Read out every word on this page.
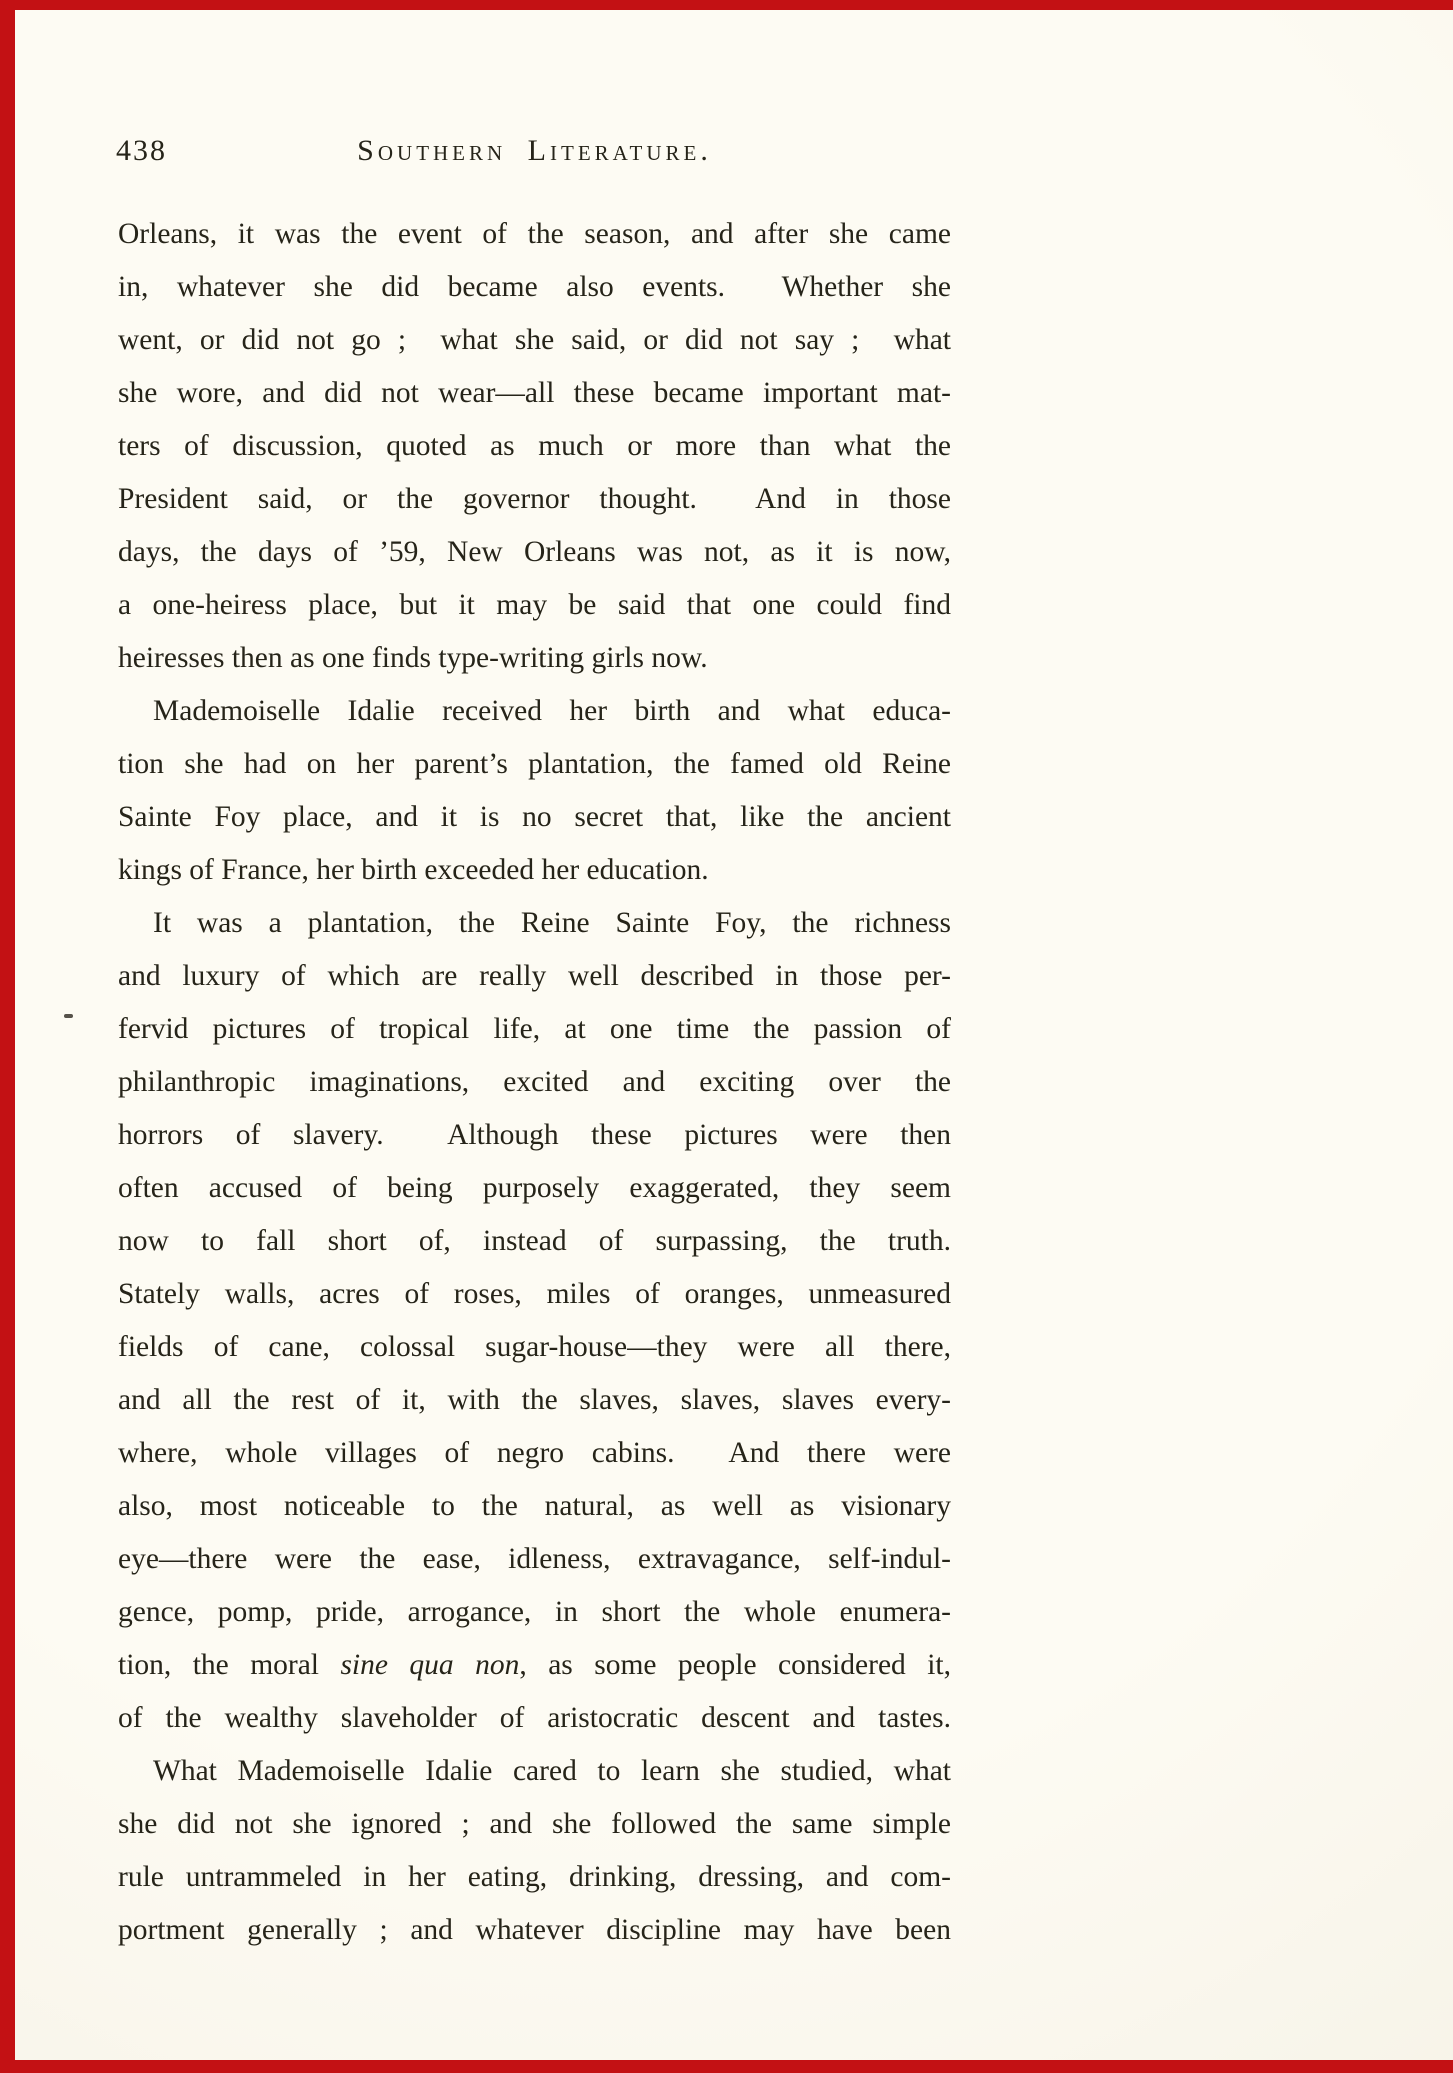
438	Southern Literature.
Orleans, it was the event of the season, and after she came
in, whatever she did became also events.  Whether she
went, or did not go ;  what she said, or did not say ;  what
she wore, and did not wear—all these became important mat-
ters of discussion, quoted as much or more than what the
President said, or the governor thought.  And in those
days, the days of ’59, New Orleans was not, as it is now,
a one-heiress place, but it may be said that one could find
heiresses then as one finds type-writing girls now.
Mademoiselle Idalie received her birth and what educa-
tion she had on her parent’s plantation, the famed old Reine
Sainte Foy place, and it is no secret that, like the ancient
kings of France, her birth exceeded her education.
It was a plantation, the Reine Sainte Foy, the richness
and luxury of which are really well described in those per-
fervid pictures of tropical life, at one time the passion of
philanthropic imaginations, excited and exciting over the
horrors of slavery.  Although these pictures were then
often accused of being purposely exaggerated, they seem
now to fall short of, instead of surpassing, the truth.
Stately walls, acres of roses, miles of oranges, unmeasured
fields of cane, colossal sugar-house—they were all there,
and all the rest of it, with the slaves, slaves, slaves every-
where, whole villages of negro cabins.  And there were
also, most noticeable to the natural, as well as visionary
eye—there were the ease, idleness, extravagance, self-indul-
gence, pomp, pride, arrogance, in short the whole enumera-
tion, the moral sine qua non, as some people considered it,
of the wealthy slaveholder of aristocratic descent and tastes.
What Mademoiselle Idalie cared to learn she studied, what
she did not she ignored ; and she followed the same simple
rule untrammeled in her eating, drinking, dressing, and com-
portment generally ; and whatever discipline may have been
